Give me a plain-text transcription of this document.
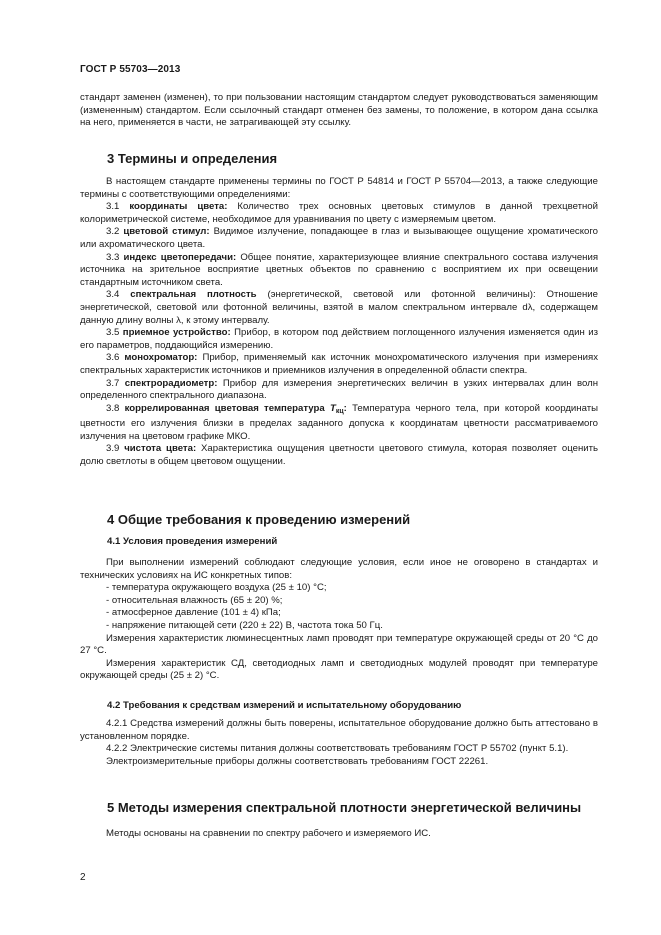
ГОСТ Р 55703—2013

стандарт заменен (изменен), то при пользовании настоящим стандартом следует руководствоваться заменяющим (измененным) стандартом. Если ссылочный стандарт отменен без замены, то положение, в котором дана ссылка на него, применяется в части, не затрагивающей эту ссылку.

3 Термины и определения

В настоящем стандарте применены термины по ГОСТ Р 54814 и ГОСТ Р 55704—2013, а также следующие термины с соответствующими определениями:

3.1 координаты цвета: Количество трех основных цветовых стимулов в данной трехцветной колориметрической системе, необходимое для уравнивания по цвету с измеряемым цветом.

3.2 цветовой стимул: Видимое излучение, попадающее в глаз и вызывающее ощущение хроматического или ахроматического цвета.

3.3 индекс цветопередачи: Общее понятие, характеризующее влияние спектрального состава излучения источника на зрительное восприятие цветных объектов по сравнению с восприятием их при освещении стандартным источником света.

3.4 спектральная плотность (энергетической, световой или фотонной величины): Отношение энергетической, световой или фотонной величины, взятой в малом спектральном интервале dλ, содержащем данную длину волны λ, к этому интервалу.

3.5 приемное устройство: Прибор, в котором под действием поглощенного излучения изменяется один из его параметров, поддающийся измерению.

3.6 монохроматор: Прибор, применяемый как источник монохроматического излучения при измерениях спектральных характеристик источников и приемников излучения в определенной области спектра.

3.7 спектрорадиометр: Прибор для измерения энергетических величин в узких интервалах длин волн определенного спектрального диапазона.

3.8 коррелированная цветовая температура $T_{кц}$: Температура черного тела, при которой координаты цветности его излучения близки в пределах заданного допуска к координатам цветности рассматриваемого излучения на цветовом графике МКО.

3.9 чистота цвета: Характеристика ощущения цветности цветового стимула, которая позволяет оценить долю светлоты в общем цветовом ощущении.

4 Общие требования к проведению измерений
4.1 Условия проведения измерений

При выполнении измерений соблюдают следующие условия, если иное не оговорено в стандартах и технических условиях на ИС конкретных типов:

- температура окружающего воздуха (25 ± 10) °С;

- относительная влажность (65 ± 20) %;

- атмосферное давление (101 ± 4) кПа;

- напряжение питающей сети (220 ± 22) В, частота тока 50 Гц.

Измерения характеристик люминесцентных ламп проводят при температуре окружающей среды от 20 °С до 27 °С.

Измерения характеристик СД, светодиодных ламп и светодиодных модулей проводят при температуре окружающей среды (25 ± 2) °С.

4.2 Требования к средствам измерений и испытательному оборудованию

4.2.1 Средства измерений должны быть поверены, испытательное оборудование должно быть аттестовано в установленном порядке.

4.2.2 Электрические системы питания должны соответствовать требованиям ГОСТ Р 55702 (пункт 5.1).

Электроизмерительные приборы должны соответствовать требованиям ГОСТ 22261.

5 Методы измерения спектральной плотности энергетической величины

Методы основаны на сравнении по спектру рабочего и измеряемого ИС.

2
